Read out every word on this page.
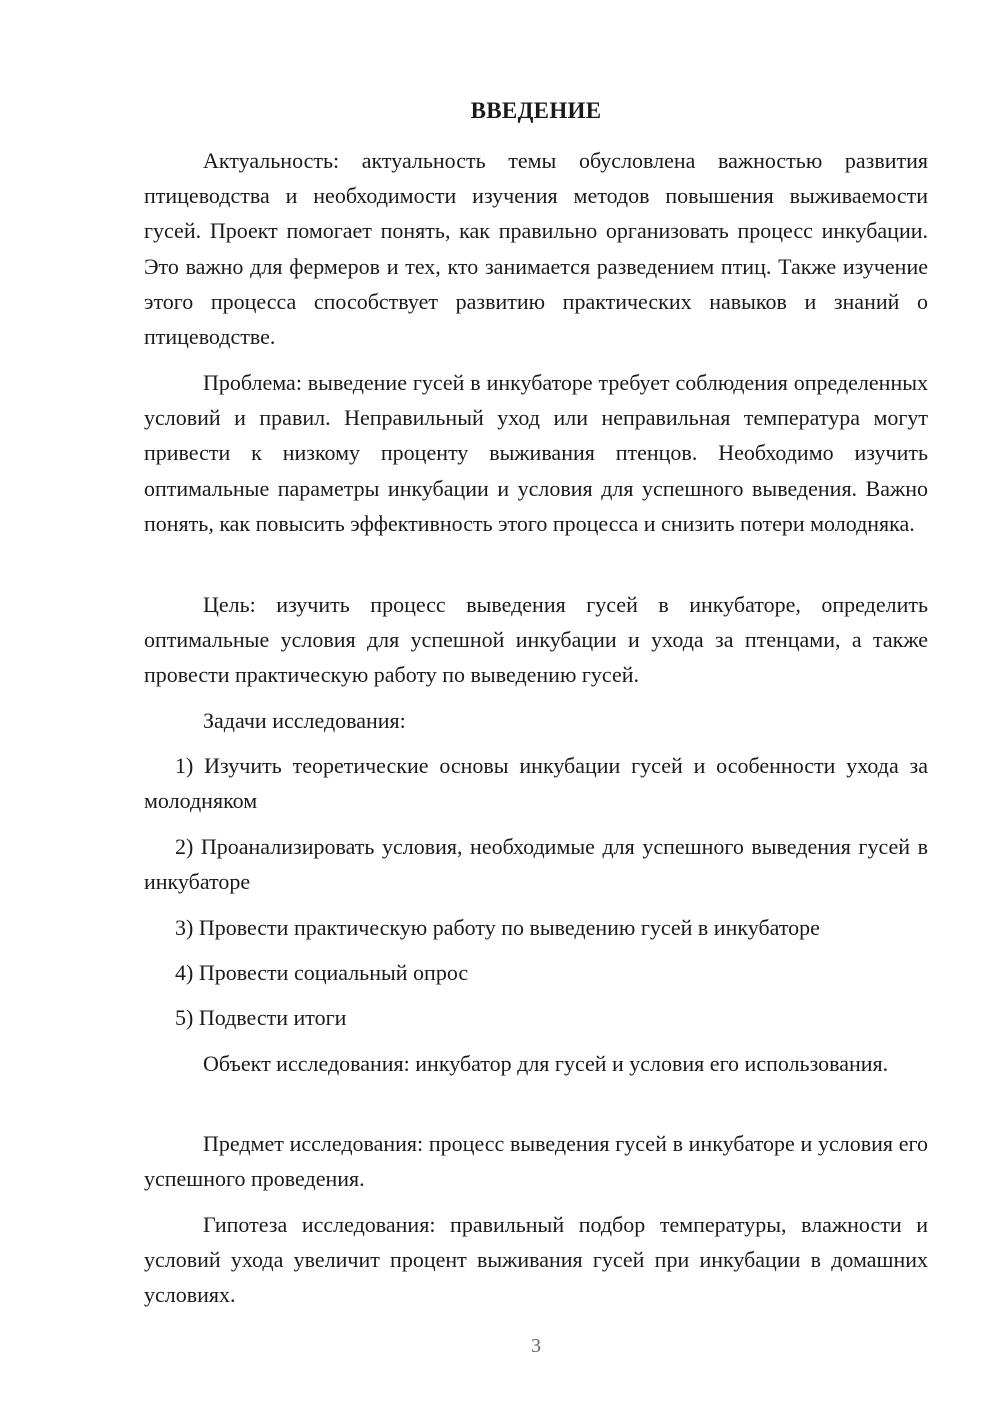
ВВЕДЕНИЕ

Актуальность: актуальность темы обусловлена важностью развития птицеводства и необходимости изучения методов повышения выживаемости гусей. Проект помогает понять, как правильно организовать процесс инкубации. Это важно для фермеров и тех, кто занимается разведением птиц. Также изучение этого процесса способствует развитию практических навыков и знаний о птицеводстве.

Проблема: выведение гусей в инкубаторе требует соблюдения определенных условий и правил. Неправильный уход или неправильная температура могут привести к низкому проценту выживания птенцов. Необходимо изучить оптимальные параметры инкубации и условия для успешного выведения. Важно понять, как повысить эффективность этого процесса и снизить потери молодняка.

Цель: изучить процесс выведения гусей в инкубаторе, определить оптимальные условия для успешной инкубации и ухода за птенцами, а также провести практическую работу по выведению гусей.

Задачи исследования:

1) Изучить теоретические основы инкубации гусей и особенности ухода за молодняком

2) Проанализировать условия, необходимые для успешного выведения гусей в инкубаторе

3) Провести практическую работу по выведению гусей в инкубаторе

4) Провести социальный опрос

5) Подвести итоги

Объект исследования: инкубатор для гусей и условия его использования.

Предмет исследования: процесс выведения гусей в инкубаторе и условия его успешного проведения.

Гипотеза исследования: правильный подбор температуры, влажности и условий ухода увеличит процент выживания гусей при инкубации в домашних условиях.

3
